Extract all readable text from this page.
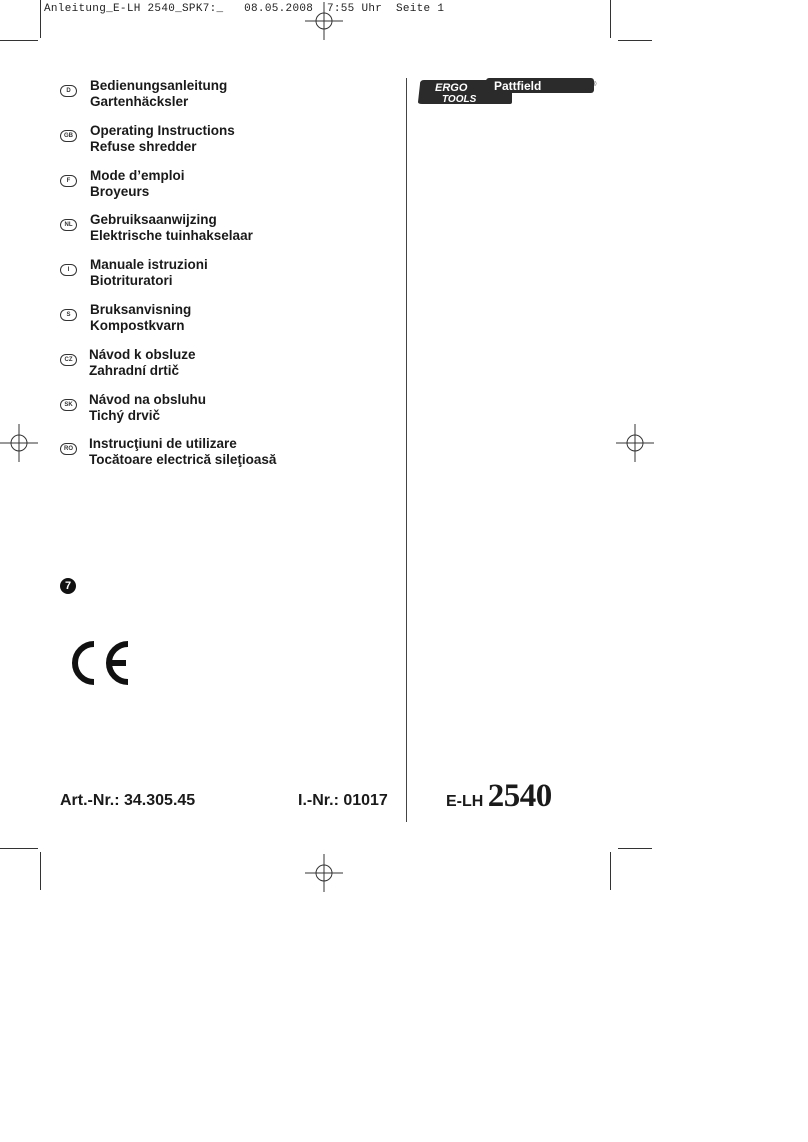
Anleitung_E-LH 2540_SPK7:_   08.05.2008  7:55 Uhr  Seite 1
D	Bedienungsanleitung
Gartenhäcksler
GB Operating Instructions
Refuse shredder
F	Mode d’emploi
Broyeurs
NL	Gebruiksaanwijzing
Elektrische tuinhakselaar
I	Manuale istruzioni
Biotrituratori
S	Bruksanvisning
Kompostkvarn
CZ	Návod k obsluze
Zahradní drtič
SK	Návod na obsluhu
Tichý drvič
RO Instrucţiuni de utilizare
Tocătoare electrică sileţioasă
ERGO
TOOLS
Pattfield	®
7
Art.-Nr.: 34.305.45	I.-Nr.: 01017	E-LH 2540
